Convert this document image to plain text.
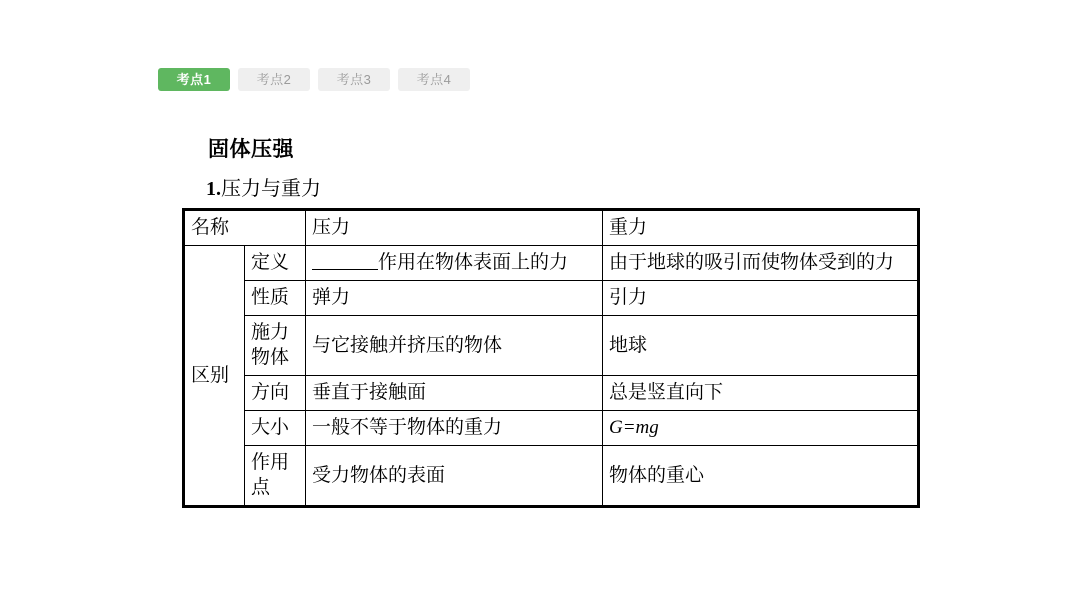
考点1	考点2	考点3	考点4
固体压强
1.压力与重力
名称		压力	重力
区别	定义	作用在物体表面上的力	由于地球的吸引而使物体受到的力
	性质	弹力	引力
	施力物体	与它接触并挤压的物体	地球
	方向	垂直于接触面	总是竖直向下
	大小	一般不等于物体的重力	G=mg
	作用点	受力物体的表面	物体的重心
